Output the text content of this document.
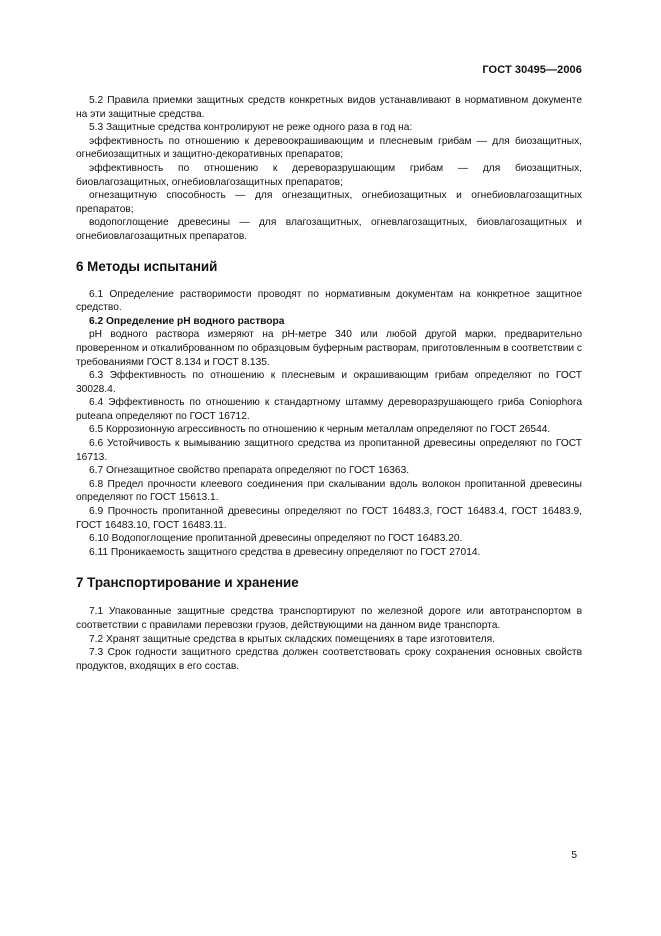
ГОСТ 30495—2006

5.2 Правила приемки защитных средств конкретных видов устанавливают в нормативном документе на эти защитные средства.

5.3 Защитные средства контролируют не реже одного раза в год на:

эффективность по отношению к деревоокрашивающим и плесневым грибам — для биозащитных, огнебиозащитных и защитно-декоративных препаратов;

эффективность по отношению к дереворазрушающим грибам — для биозащитных, биовлагозащитных, огнебиовлагозащитных препаратов;

огнезащитную способность — для огнезащитных, огнебиозащитных и огнебиовлагозащитных препаратов;

водопоглощение древесины — для влагозащитных, огневлагозащитных, биовлагозащитных и огнебиовлагозащитных препаратов.

6 Методы испытаний

6.1 Определение растворимости проводят по нормативным документам на конкретное защитное средство.

6.2 Определение рН водного раствора

рН водного раствора измеряют на рН-метре 340 или любой другой марки, предварительно проверенном и откалиброванном по образцовым буферным растворам, приготовленным в соответствии с требованиями ГОСТ 8.134 и ГОСТ 8.135.

6.3 Эффективность по отношению к плесневым и окрашивающим грибам определяют по ГОСТ 30028.4.

6.4 Эффективность по отношению к стандартному штамму дереворазрушающего гриба Coniophora puteana определяют по ГОСТ 16712.

6.5 Коррозионную агрессивность по отношению к черным металлам определяют по ГОСТ 26544.

6.6 Устойчивость к вымыванию защитного средства из пропитанной древесины определяют по ГОСТ 16713.

6.7 Огнезащитное свойство препарата определяют по ГОСТ 16363.

6.8 Предел прочности клеевого соединения при скалывании вдоль волокон пропитанной древесины определяют по ГОСТ 15613.1.

6.9 Прочность пропитанной древесины определяют по ГОСТ 16483.3, ГОСТ 16483.4, ГОСТ 16483.9, ГОСТ 16483.10, ГОСТ 16483.11.

6.10 Водопоглощение пропитанной древесины определяют по ГОСТ 16483.20.

6.11 Проникаемость защитного средства в древесину определяют по ГОСТ 27014.

7 Транспортирование и хранение

7.1 Упакованные защитные средства транспортируют по железной дороге или автотранспортом в соответствии с правилами перевозки грузов, действующими на данном виде транспорта.

7.2 Хранят защитные средства в крытых складских помещениях в таре изготовителя.

7.3 Срок годности защитного средства должен соответствовать сроку сохранения основных свойств продуктов, входящих в его состав.

5
